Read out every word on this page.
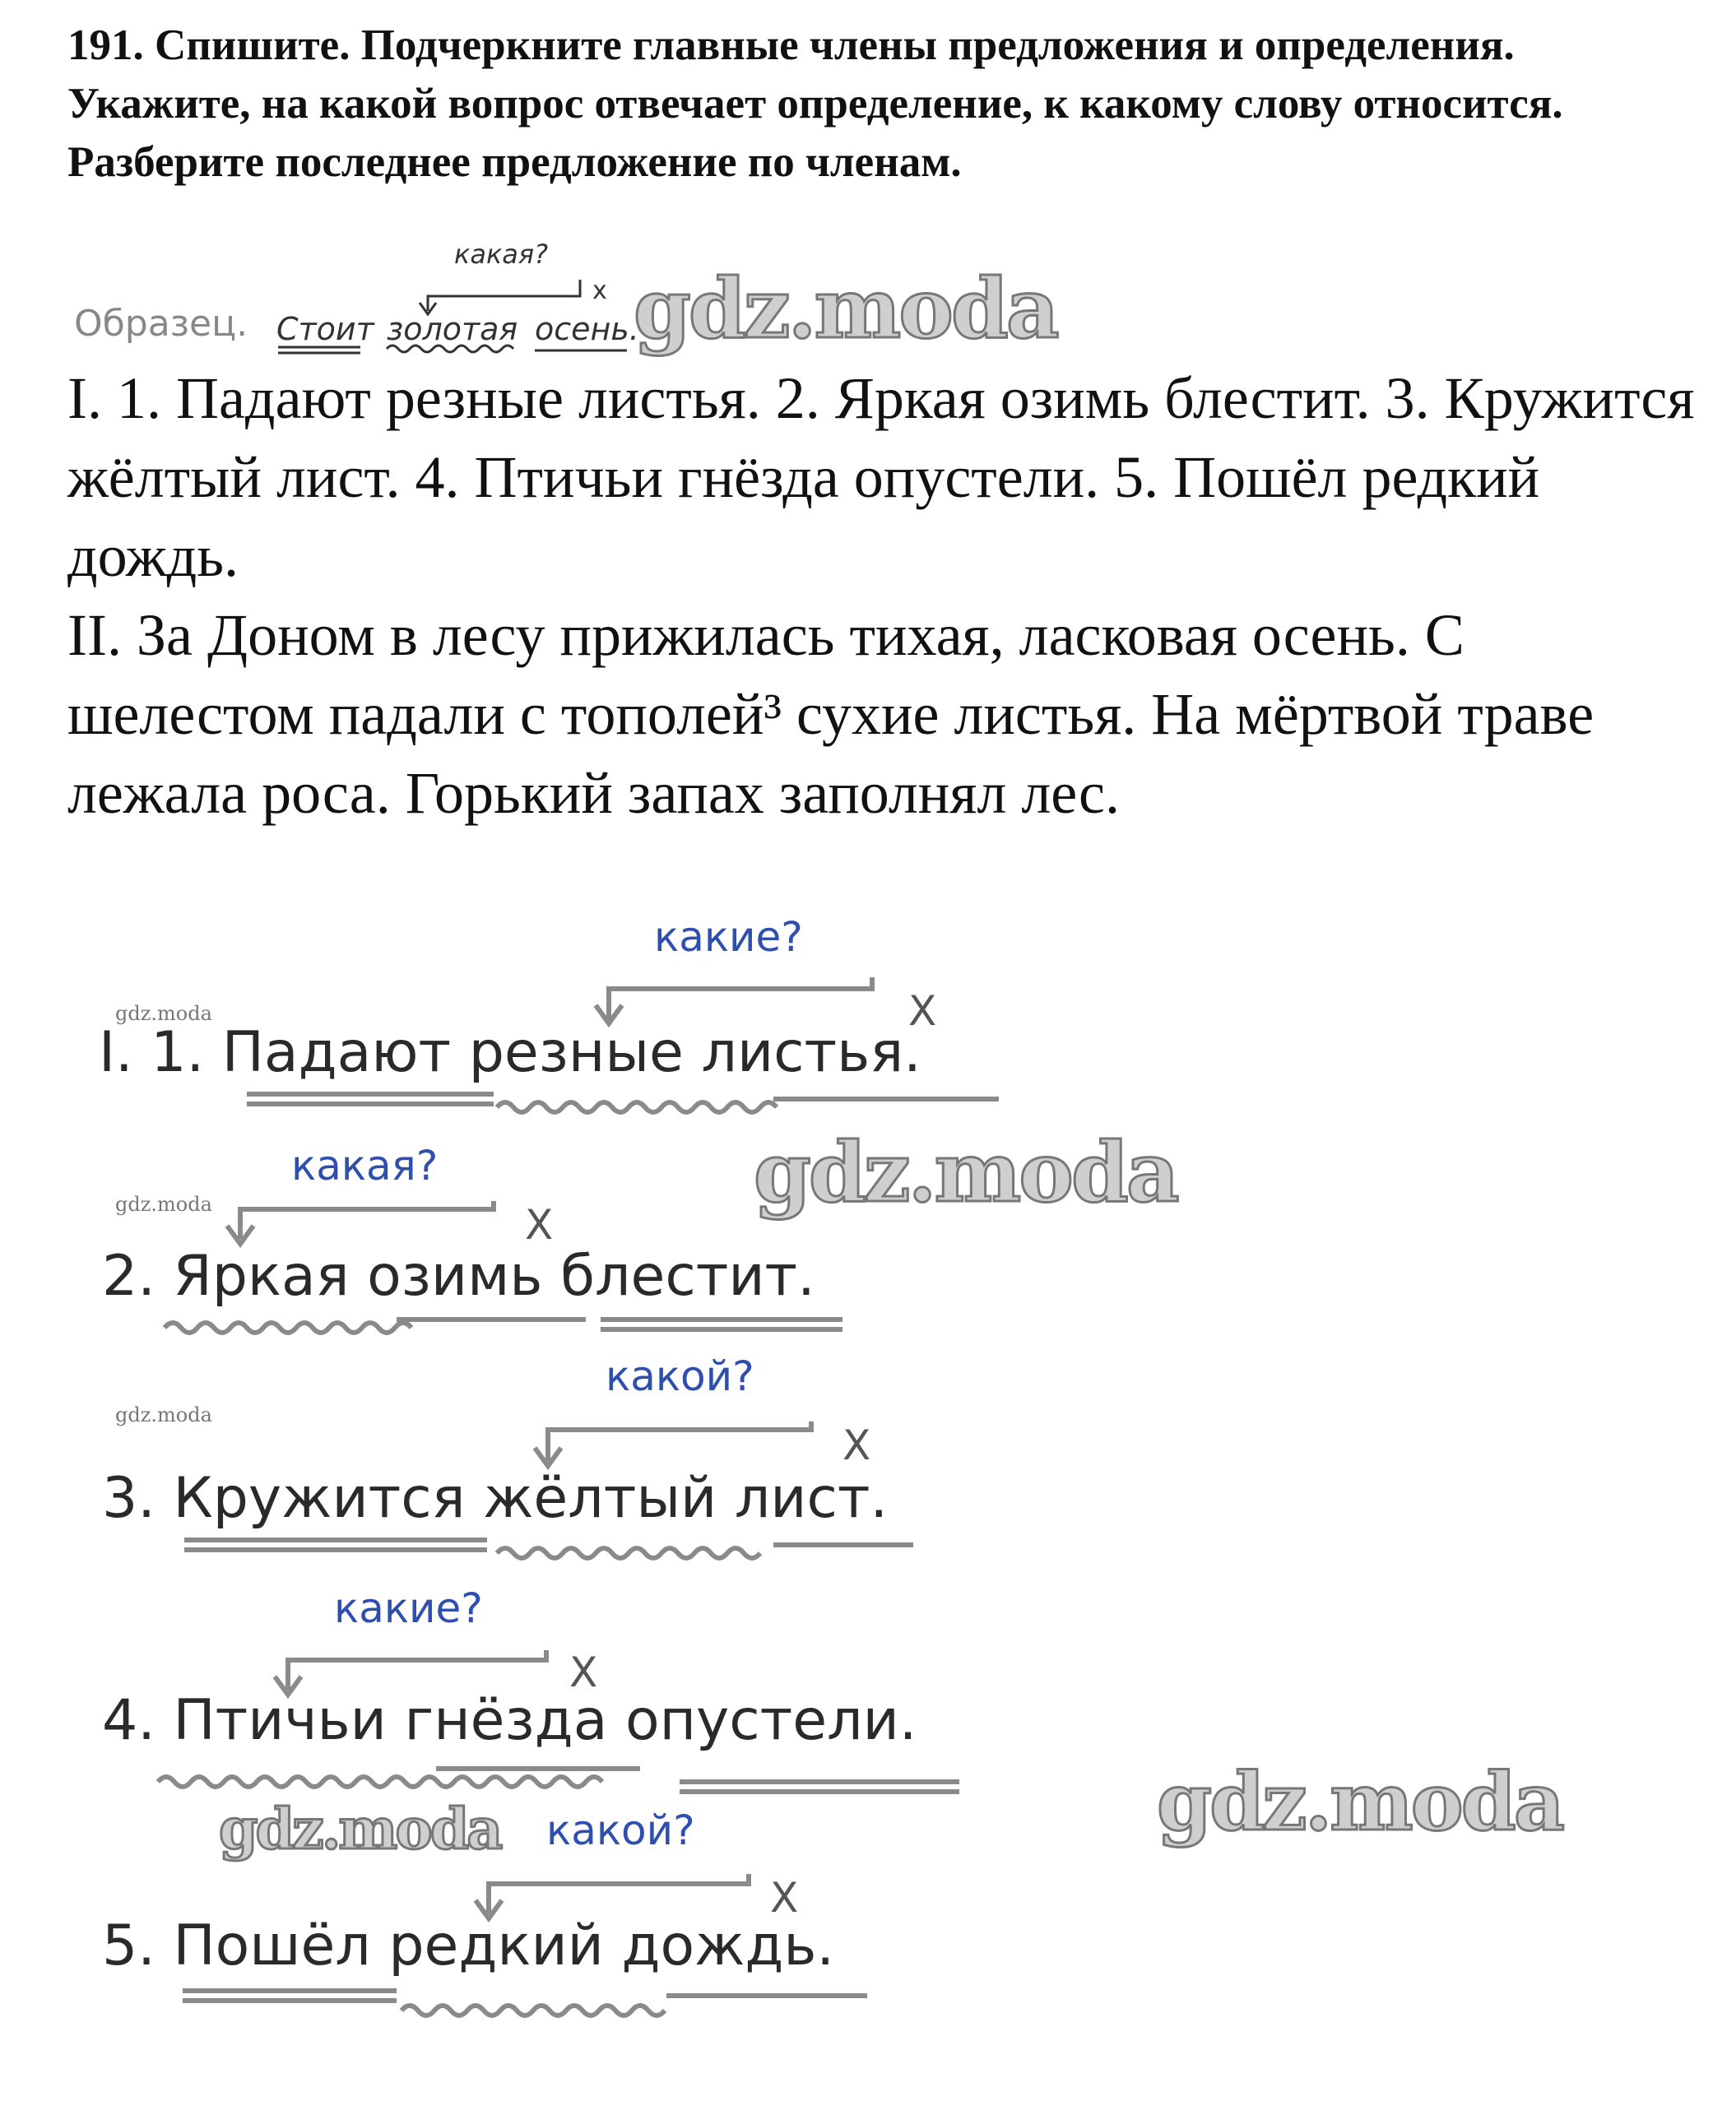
191. Спишите. Подчеркните главные члены предложения и определения. Укажите, на какой вопрос отвечает определение, к какому слову относится. Разберите последнее предложение по членам.
Образец.
какая?
х
Стоит золотая осень.

I. 1. Падают резные листья. 2. Яркая озимь блестит. 3. Кружится жёлтый лист. 4. Птичьи гнёзда опустели. 5. Пошёл редкий дождь.

II. За Доном в лесу прижилась тихая, ласковая осень. С шелестом падали с тополей³ сухие листья. На мёртвой траве лежала роса. Горький запах заполнял лес.

какие?
Х
I. 1. Падают резные листья.
какая?
Х
2. Яркая озимь блестит.
какой?
Х
3. Кружится жёлтый лист.
какие?
Х
4. Птичьи гнёзда опустели.
какой?
Х
5. Пошёл редкий дождь.
gdz.moda
gdz.moda
gdz.moda
gdz.moda
gdz.moda
gdz.moda
gdz.moda
